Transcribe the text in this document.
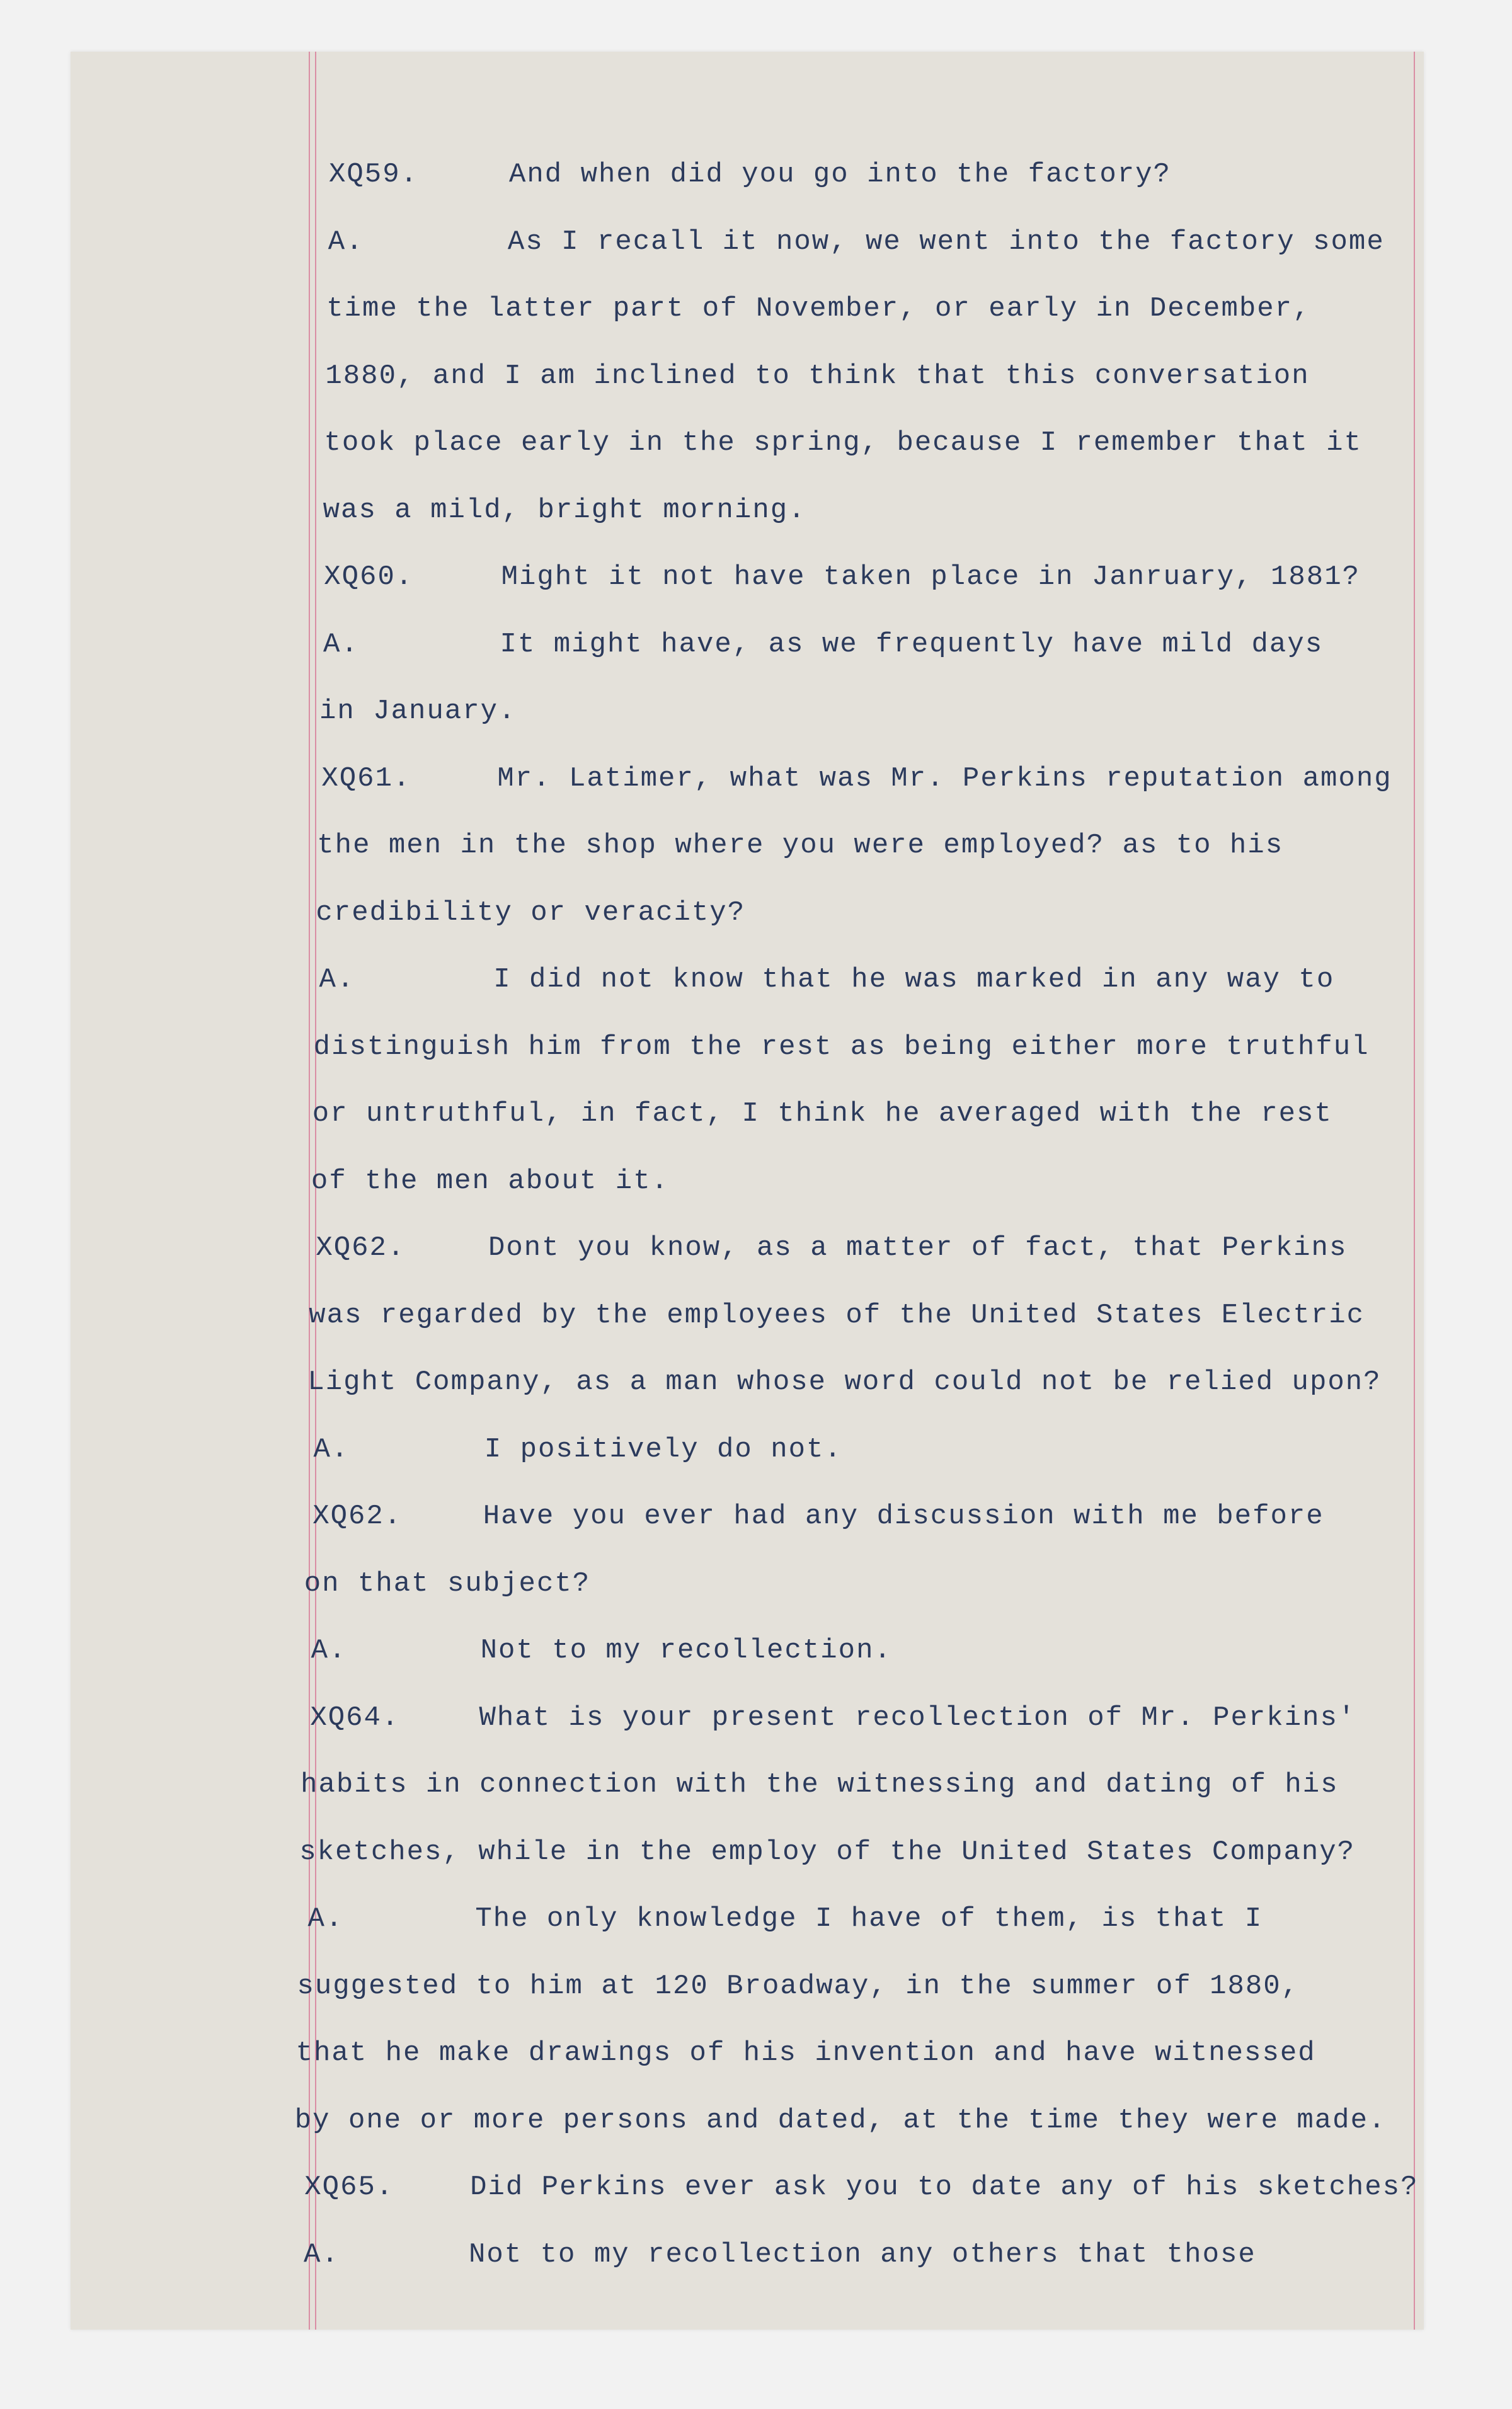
XQ59.	And when did you go into the factory?
A.	As I recall it now, we went into the factory some
time the latter part of November, or early in December,
1880, and I am inclined to think that this conversation
took place early in the spring, because I remember that it
was a mild, bright morning.
XQ60.	Might it not have taken place in Janruary, 1881?
A.	It might have, as we frequently have mild days
in January.
XQ61.	Mr. Latimer, what was Mr. Perkins reputation among
the men in the shop where you were employed? as to his
credibility or veracity?
A.	I did not know that he was marked in any way to
distinguish him from the rest as being either more truthful
or untruthful, in fact, I think he averaged with the rest
of the men about it.
XQ62.	Dont you know, as a matter of fact, that Perkins
was regarded by the employees of the United States Electric
Light Company, as a man whose word could not be relied upon?
A.	I positively do not.
XQ62.	Have you ever had any discussion with me before
on that subject?
A.	Not to my recollection.
XQ64.	What is your present recollection of Mr. Perkins'
habits in connection with the witnessing and dating of his
sketches, while in the employ of the United States Company?
A.	The only knowledge I have of them, is that I
suggested to him at 120 Broadway, in the summer of 1880,
that he make drawings of his invention and have witnessed
by one or more persons and dated, at the time they were made.
XQ65.	Did Perkins ever ask you to date any of his sketches?
A.	Not to my recollection any others that those
